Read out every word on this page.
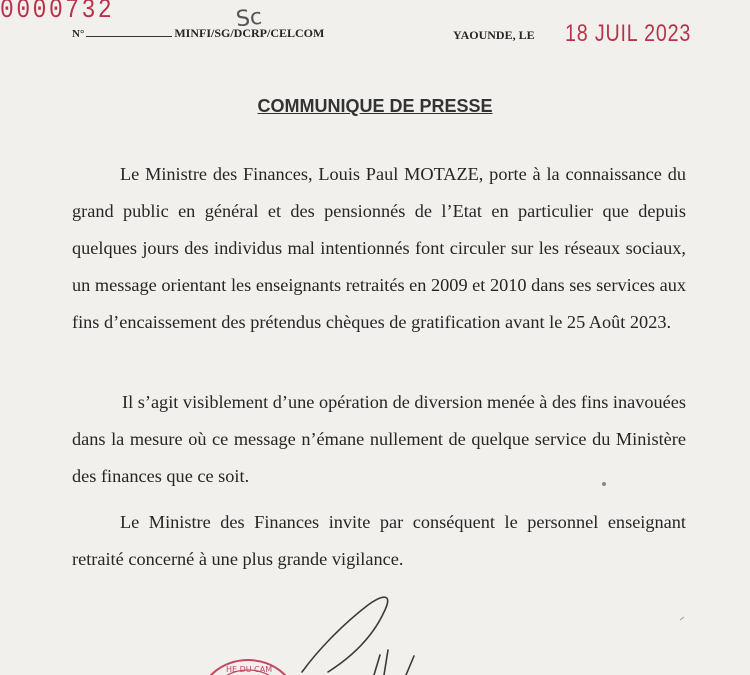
0000732	Sc
N°	MINFI/SG/DCRP/CELCOM	YAOUNDE, LE 18 JUIL 2023
COMMUNIQUE DE PRESSE
Le Ministre des Finances, Louis Paul MOTAZE, porte à la connaissance du grand public en général et des pensionnés de l’Etat en particulier que depuis quelques jours des individus mal intentionnés font circuler sur les réseaux sociaux, un message orientant les enseignants retraités en 2009 et 2010 dans ses services aux fins d’encaissement des prétendus chèques de gratification avant le 25 Août 2023.
Il s’agit visiblement d’une opération de diversion menée à des fins inavouées dans la mesure où ce message n’émane nullement de quelque service du Ministère des finances que ce soit.
Le Ministre des Finances invite par conséquent le personnel enseignant retraité concerné à une plus grande vigilance.
HE DU CAM
